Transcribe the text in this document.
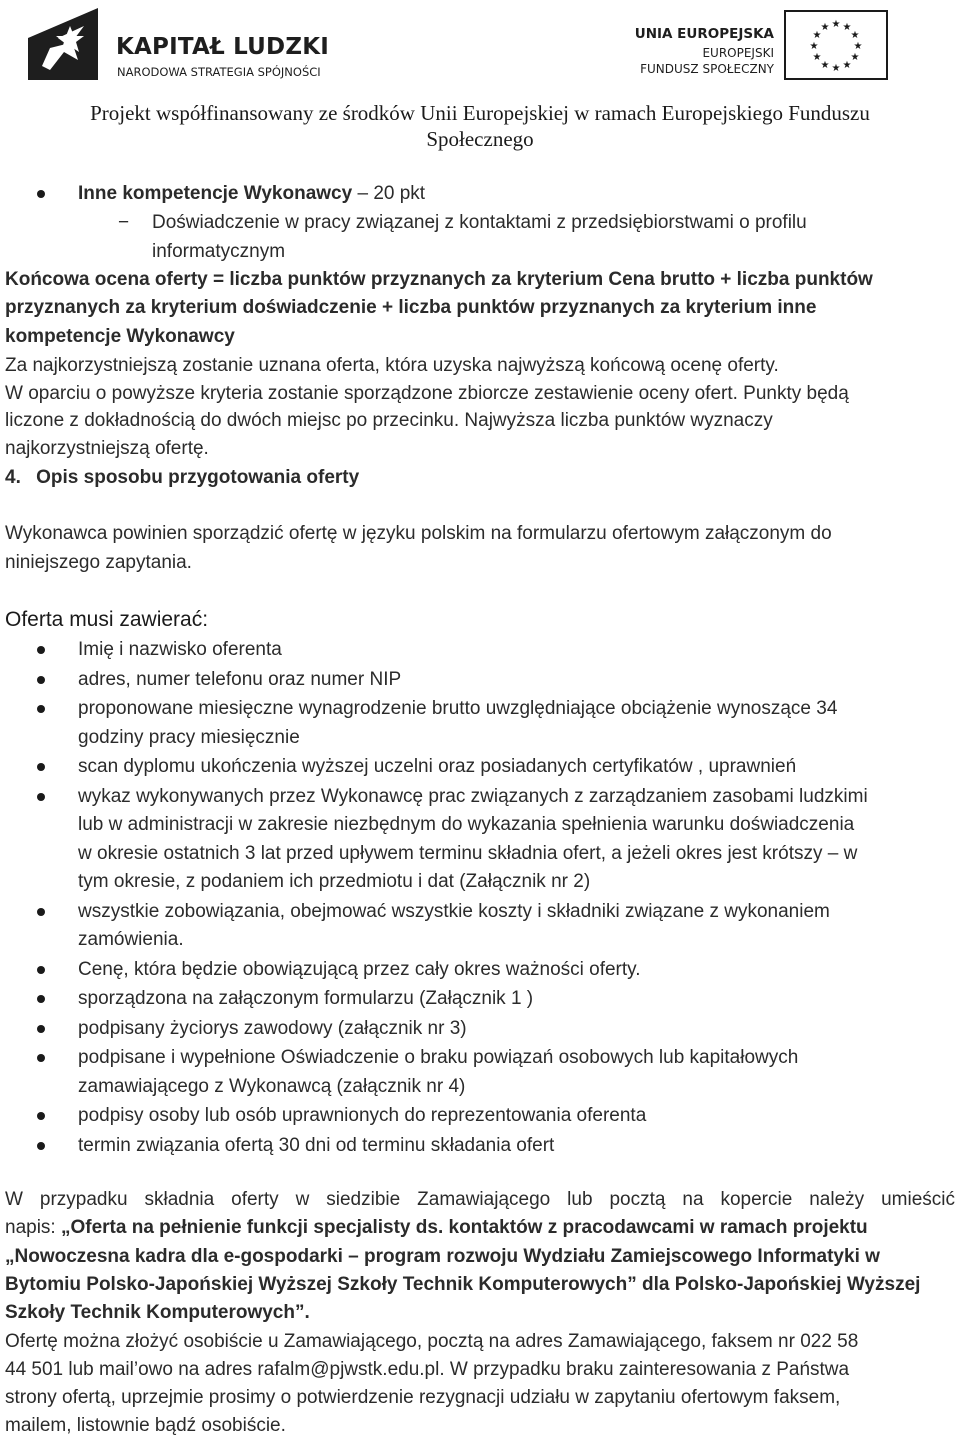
KAPITAŁ LUDZKI
NARODOWA STRATEGIA SPÓJNOŚCI
UNIA EUROPEJSKA
EUROPEJSKI
FUNDUSZ SPOŁECZNY
★ ★
★
★
★
★
★
★
★
★
★
★
Projekt współfinansowany ze środków Unii Europejskiej w ramach Europejskiego Funduszu
Społecznego
Inne kompetencje Wykonawcy – 20 pkt
− Doświadczenie w pracy związanej z kontaktami z przedsiębiorstwami o profilu
informatycznym

Końcowa ocena oferty = liczba punktów przyznanych za kryterium Cena brutto + liczba punktów

przyznanych za kryterium doświadczenie + liczba punktów przyznanych za kryterium inne

kompetencje Wykonawcy

Za najkorzystniejszą zostanie uznana oferta, która uzyska najwyższą końcową ocenę oferty.

W oparciu o powyższe kryteria zostanie sporządzone zbiorcze zestawienie oceny ofert. Punkty będą

liczone z dokładnością do dwóch miejsc po przecinku. Najwyższa liczba punktów wyznaczy

najkorzystniejszą ofertę.

4. Opis sposobu przygotowania oferty

Wykonawca powinien sporządzić ofertę w języku polskim na formularzu ofertowym załączonym do

niniejszego zapytania.

Oferta musi zawierać:

Imię i nazwisko oferenta
adres, numer telefonu oraz numer NIP
proponowane miesięczne wynagrodzenie brutto uwzględniające obciążenie wynoszące 34
godziny pracy miesięcznie
scan dyplomu ukończenia wyższej uczelni oraz posiadanych certyfikatów , uprawnień
wykaz wykonywanych przez Wykonawcę prac związanych z zarządzaniem zasobami ludzkimi
lub w administracji w zakresie niezbędnym do wykazania spełnienia warunku doświadczenia
w okresie ostatnich 3 lat przed upływem terminu składnia ofert, a jeżeli okres jest krótszy – w
tym okresie, z podaniem ich przedmiotu i dat (Załącznik nr 2)
wszystkie zobowiązania, obejmować wszystkie koszty i składniki związane z wykonaniem
zamówienia.
Cenę, która będzie obowiązującą przez cały okres ważności oferty.
sporządzona na załączonym formularzu (Załącznik 1 )
podpisany życiorys zawodowy (załącznik nr 3)
podpisane i wypełnione Oświadczenie o braku powiązań osobowych lub kapitałowych
zamawiającego z Wykonawcą (załącznik nr 4)
podpisy osoby lub osób uprawnionych do reprezentowania oferenta
termin związania ofertą 30 dni od terminu składania ofert

W przypadku składnia oferty w siedzibie Zamawiającego lub pocztą na kopercie należy umieścić

napis: „Oferta na pełnienie funkcji specjalisty ds. kontaktów z pracodawcami w ramach projektu

„Nowoczesna kadra dla e-gospodarki – program rozwoju Wydziału Zamiejscowego Informatyki w

Bytomiu Polsko-Japońskiej Wyższej Szkoły Technik Komputerowych” dla Polsko-Japońskiej Wyższej

Szkoły Technik Komputerowych”.

Ofertę można złożyć osobiście u Zamawiającego, pocztą na adres Zamawiającego, faksem nr 022 58

44 501 lub mail’owo na adres rafalm@pjwstk.edu.pl. W przypadku braku zainteresowania z Państwa

strony ofertą, uprzejmie prosimy o potwierdzenie rezygnacji udziału w zapytaniu ofertowym faksem,

mailem, listownie bądź osobiście.
